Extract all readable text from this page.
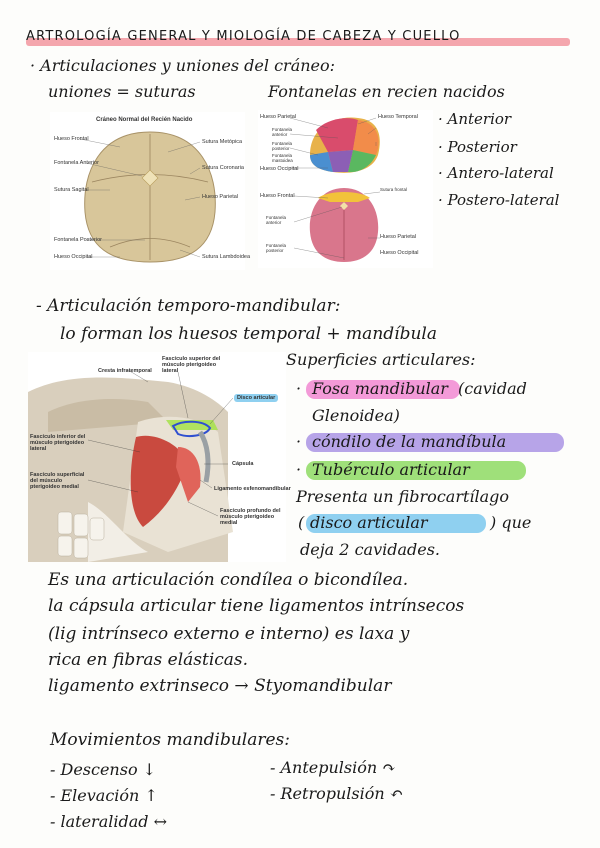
ARTROLOGÍA GENERAL Y MIOLOGÍA DE CABEZA Y CUELLO
· Articulaciones y uniones del cráneo:
uniones = suturas	Fontanelas en recien nacidos
· Anterior
· Posterior
· Antero-lateral
· Postero-lateral
Cráneo Normal del Recién Nacido
Hueso Frontal
Fontanela Anterior
Sutura Sagital
Fontanela Posterior
Hueso Occipital
Sutura Metópica
Sutura Coronaria
Hueso Parietal
Sutura Lambdoidea
Hueso Parietal
Fontanela anterior
Fontanela posterior
Fontanela mastoidea
Hueso Occipital
Hueso Frontal
Fontanela anterior
Fontanela posterior
Hueso Temporal
Sutura frontal
Hueso Parietal
Hueso Occipital
- Articulación temporo-mandibular:
lo forman los huesos temporal + mandíbula
Cresta infratemporal
Fascículo superior del músculo pterigoideo lateral
Disco articular
Fascículo inferior del músculo pterigoideo lateral
Cápsula
Fascículo superficial del músculo pterigoideo medial	Ligamento esfenomandibular
Fascículo profundo del músculo pterigoideo medial
Superficies articulares:
· Fosa mandibular (cavidad
Glenoidea)
· cóndilo de la mandíbula
· Tubérculo articular
Presenta un fibrocartílago
( disco articular	) que
deja 2 cavidades.
Es una articulación condílea o bicondílea.
la cápsula articular tiene ligamentos intrínsecos
(lig intrínseco externo e interno) es laxa y
rica en fibras elásticas.
ligamento extrinseco → Styomandibular
Movimientos mandibulares:
- Descenso ↓
- Elevación ↑
- lateralidad ↔
- Antepulsión ↷
- Retropulsión ↶
